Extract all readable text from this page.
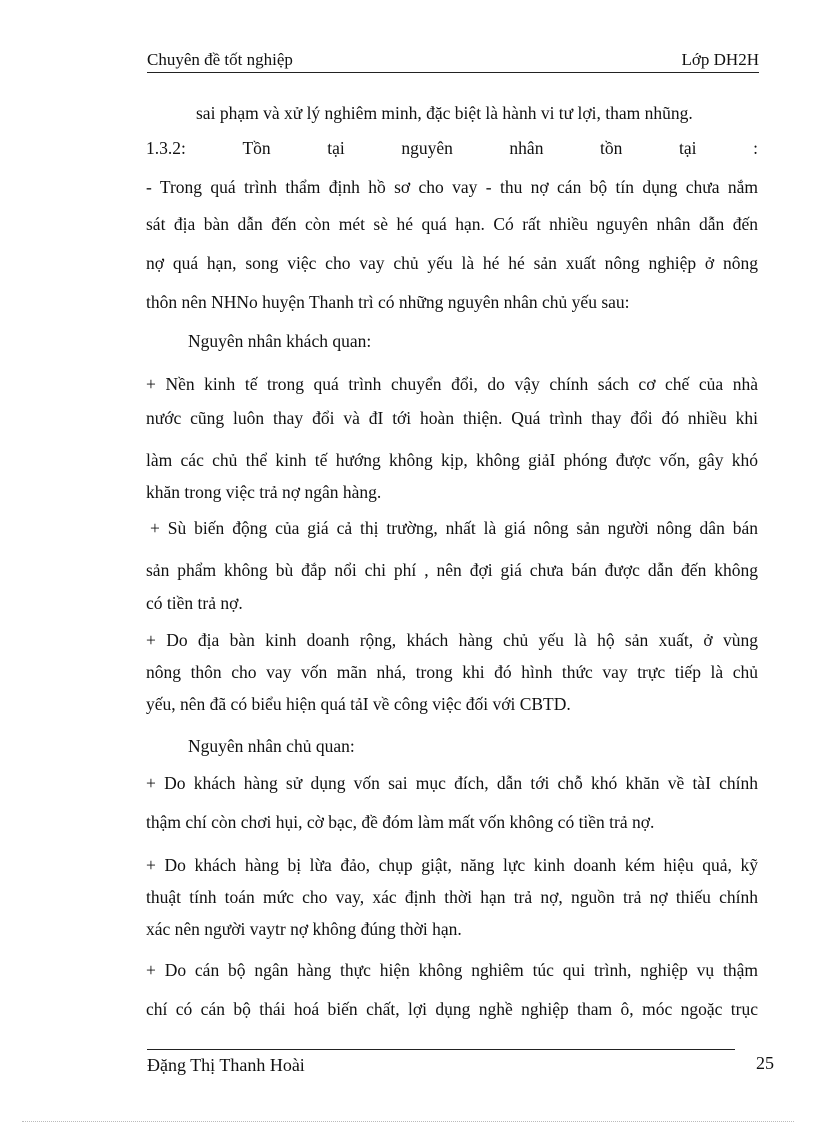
Chuyên đề tốt nghiệp	Lớp DH2H
sai phạm và xử lý nghiêm minh, đặc biệt là hành vi tư lợi, tham nhũng.
1.3.2:	Tồn	tại	nguyên	nhân	tồn	tại	:
- Trong quá trình thẩm định hồ sơ cho vay - thu nợ cán bộ tín dụng chưa nắm
sát địa bàn dẫn đến còn mét sè hé quá hạn. Có rất nhiều nguyên nhân dẫn đến
nợ quá hạn, song việc cho vay chủ yếu là hé hé sản xuất nông nghiệp ở nông
thôn nên NHNo huyện Thanh trì có những nguyên nhân chủ yếu sau:
Nguyên nhân khách quan:
+ Nền kinh tế trong quá trình chuyển đổi, do vậy chính sách cơ chế của nhà
nước cũng luôn thay đổi và đI tới hoàn thiện. Quá trình thay đổi đó nhiều khi
làm các chủ thể kinh tế hướng không kịp, không giảI phóng được vốn, gây khó
khăn trong việc trả nợ ngân hàng.
+ Sù biến động của giá cả thị trường, nhất là giá nông sản người nông dân bán
sản phẩm không bù đắp nổi chi phí , nên đợi giá chưa bán được dẫn đến không
có tiền trả nợ.
+ Do địa bàn kinh doanh rộng, khách hàng chủ yếu là hộ sản xuất, ở vùng
nông thôn cho vay vốn mãn nhá, trong khi đó hình thức vay trực tiếp là chủ
yếu, nên đã có biểu hiện quá tảI về công việc đối với CBTD.
Nguyên nhân chủ quan:
+ Do khách hàng sử dụng vốn sai mục đích, dẫn tới chỗ khó khăn về tàI chính
thậm chí còn chơi hụi, cờ bạc, đề đóm làm mất vốn không có tiền trả nợ.
+ Do khách hàng bị lừa đảo, chụp giật, năng lực kinh doanh kém hiệu quả, kỹ
thuật tính toán mức cho vay, xác định thời hạn trả nợ, nguồn trả nợ thiếu chính
xác nên người vaytr nợ không đúng thời hạn.
+ Do cán bộ ngân hàng thực hiện không nghiêm túc qui trình, nghiệp vụ thậm
chí có cán bộ thái hoá biến chất, lợi dụng nghề nghiệp tham ô, móc ngoặc trục
Đặng Thị Thanh Hoài	25
